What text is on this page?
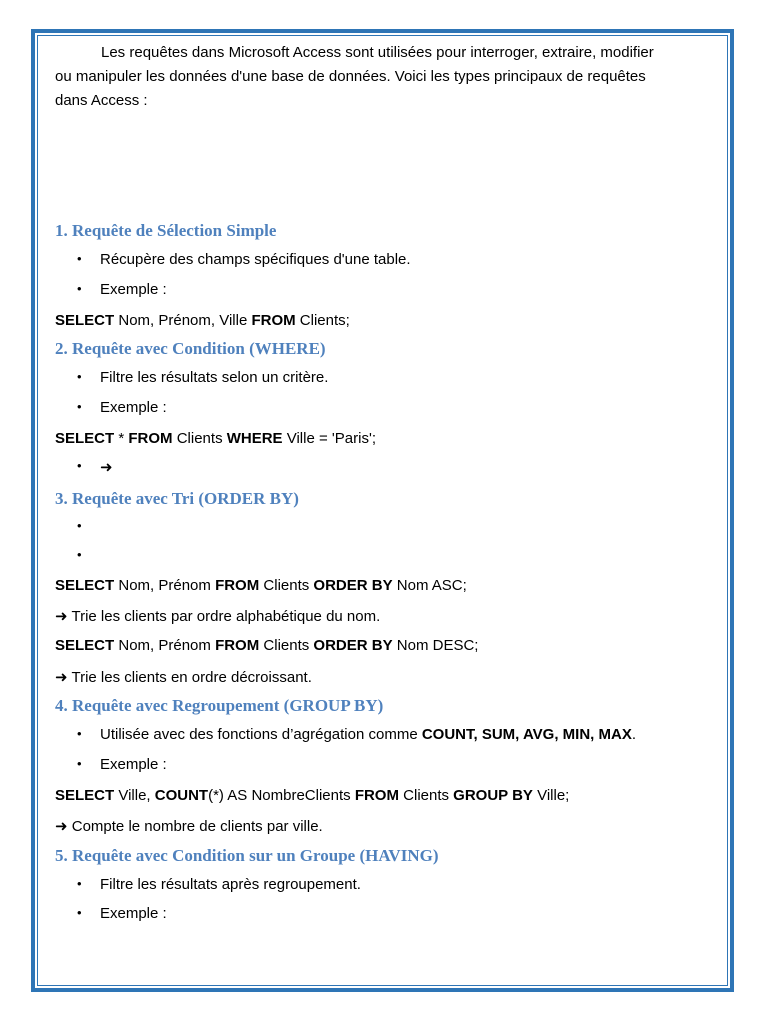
Les requêtes dans Microsoft Access sont utilisées pour interroger, extraire, modifier
ou manipuler les données d'une base de données. Voici les types principaux de requêtes
dans Access :
1. Requête de Sélection Simple
• Récupère des champs spécifiques d'une table.
• Exemple :
SELECT Nom, Prénom, Ville FROM Clients;
2. Requête avec Condition (WHERE)
• Filtre les résultats selon un critère.
• Exemple :
SELECT * FROM Clients WHERE Ville = 'Paris';
• ➜
3. Requête avec Tri (ORDER BY)
•
•
SELECT Nom, Prénom FROM Clients ORDER BY Nom ASC;
➜ Trie les clients par ordre alphabétique du nom.
SELECT Nom, Prénom FROM Clients ORDER BY Nom DESC;
➜ Trie les clients en ordre décroissant.
4. Requête avec Regroupement (GROUP BY)
• Utilisée avec des fonctions d’agrégation comme COUNT, SUM, AVG, MIN, MAX.
• Exemple :
SELECT Ville, COUNT(*) AS NombreClients FROM Clients GROUP BY Ville;
➜ Compte le nombre de clients par ville.
5. Requête avec Condition sur un Groupe (HAVING)
• Filtre les résultats après regroupement.
• Exemple :
